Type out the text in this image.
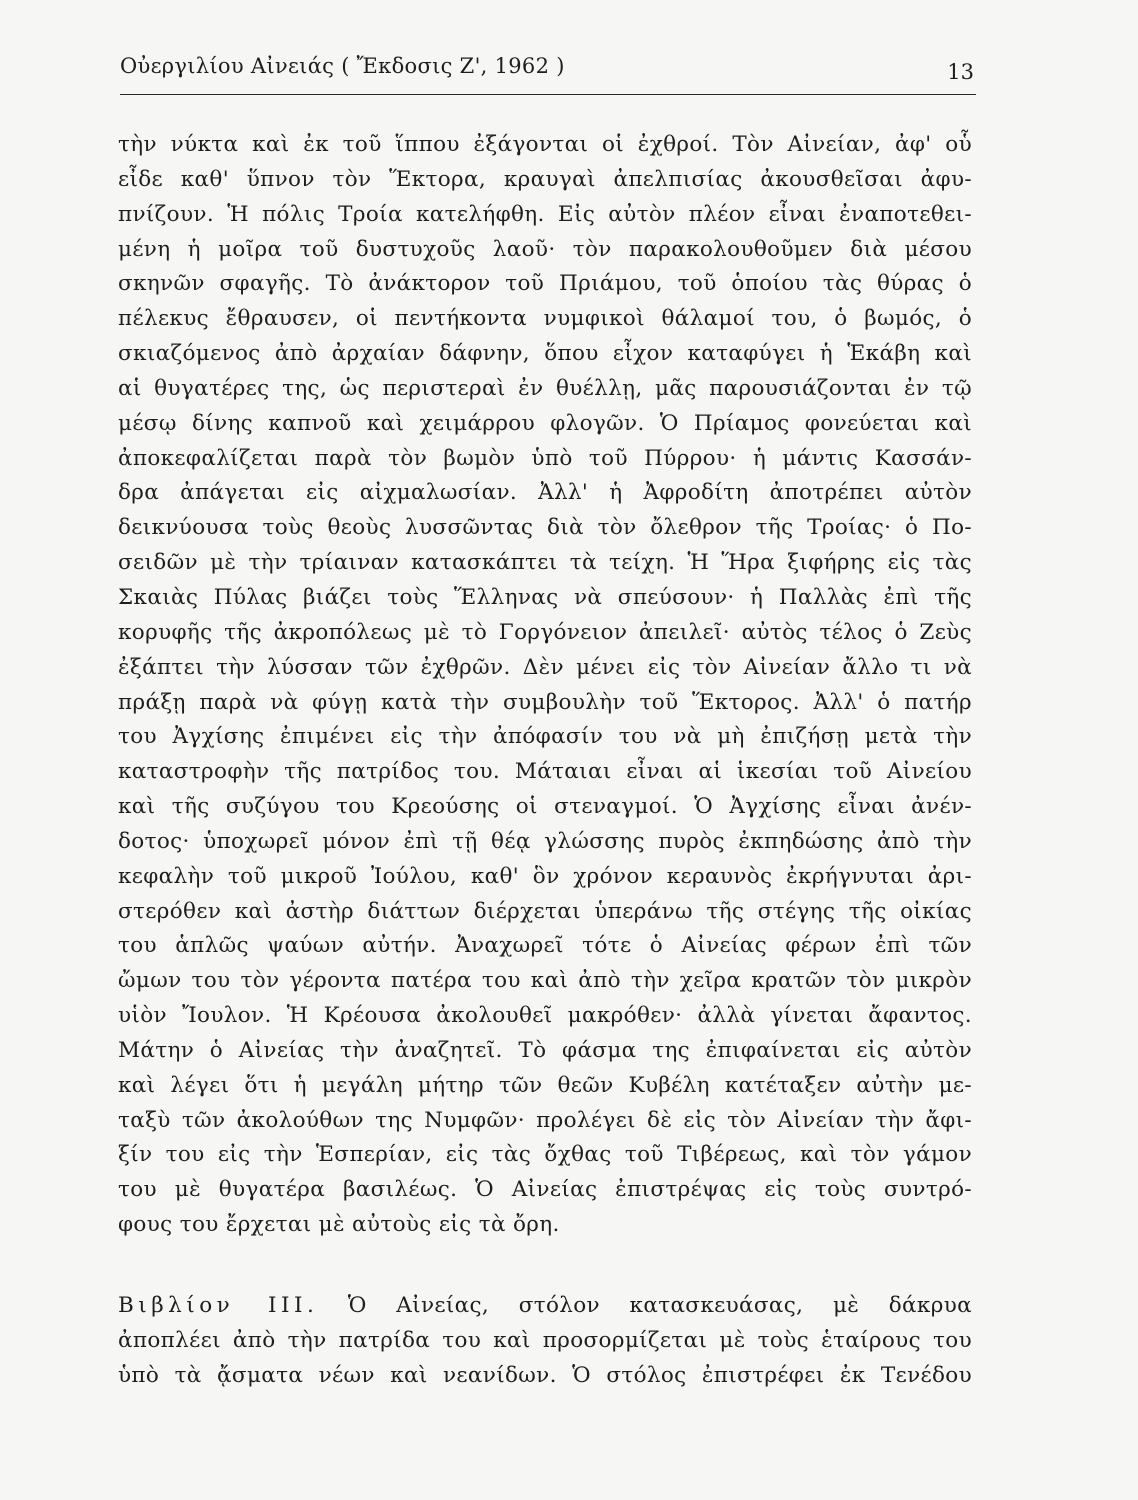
Οὐεργιλίου Αἰνειάς ( Ἔκδοσις Ζ', 1962 )	13
τὴν νύκτα καὶ ἐκ τοῦ ἵππου ἐξάγονται οἱ ἐχθροί. Τὸν Αἰνείαν, ἀφ' οὗ
εἶδε καθ' ὕπνον τὸν Ἕκτορα, κραυγαὶ ἀπελπισίας ἀκουσθεῖσαι ἀφυ-
πνίζουν. Ἡ πόλις Τροία κατελήφθη. Εἰς αὐτὸν πλέον εἶναι ἐναποτεθει-
μένη ἡ μοῖρα τοῦ δυστυχοῦς λαοῦ· τὸν παρακολουθοῦμεν διὰ μέσου
σκηνῶν σφαγῆς. Τὸ ἀνάκτορον τοῦ Πριάμου, τοῦ ὁποίου τὰς θύρας ὁ
πέλεκυς ἔθραυσεν, οἱ πεντήκοντα νυμφικοὶ θάλαμοί του, ὁ βωμός, ὁ
σκιαζόμενος ἀπὸ ἀρχαίαν δάφνην, ὅπου εἶχον καταφύγει ἡ Ἑκάβη καὶ
αἱ θυγατέρες της, ὡς περιστεραὶ ἐν θυέλλῃ, μᾶς παρουσιάζονται ἐν τῷ
μέσῳ δίνης καπνοῦ καὶ χειμάρρου φλογῶν. Ὁ Πρίαμος φονεύεται καὶ
ἀποκεφαλίζεται παρὰ τὸν βωμὸν ὑπὸ τοῦ Πύρρου· ἡ μάντις Κασσάν-
δρα ἀπάγεται εἰς αἰχμαλωσίαν. Ἀλλ' ἡ Ἀφροδίτη ἀποτρέπει αὐτὸν
δεικνύουσα τοὺς θεοὺς λυσσῶντας διὰ τὸν ὄλεθρον τῆς Τροίας· ὁ Πο-
σειδῶν μὲ τὴν τρίαιναν κατασκάπτει τὰ τείχη. Ἡ Ἥρα ξιφήρης εἰς τὰς
Σκαιὰς Πύλας βιάζει τοὺς Ἕλληνας νὰ σπεύσουν· ἡ Παλλὰς ἐπὶ τῆς
κορυφῆς τῆς ἀκροπόλεως μὲ τὸ Γοργόνειον ἀπειλεῖ· αὐτὸς τέλος ὁ Ζεὺς
ἐξάπτει τὴν λύσσαν τῶν ἐχθρῶν. Δὲν μένει εἰς τὸν Αἰνείαν ἄλλο τι νὰ
πράξῃ παρὰ νὰ φύγῃ κατὰ τὴν συμβουλὴν τοῦ Ἕκτορος. Ἀλλ' ὁ πατήρ
του Ἀγχίσης ἐπιμένει εἰς τὴν ἀπόφασίν του νὰ μὴ ἐπιζήσῃ μετὰ τὴν
καταστροφὴν τῆς πατρίδος του. Μάταιαι εἶναι αἱ ἱκεσίαι τοῦ Αἰνείου
καὶ τῆς συζύγου του Κρεούσης οἱ στεναγμοί. Ὁ Ἀγχίσης εἶναι ἀνέν-
δοτος· ὑποχωρεῖ μόνον ἐπὶ τῇ θέᾳ γλώσσης πυρὸς ἐκπηδώσης ἀπὸ τὴν
κεφαλὴν τοῦ μικροῦ Ἰούλου, καθ' ὃν χρόνον κεραυνὸς ἐκρήγνυται ἀρι-
στερόθεν καὶ ἀστὴρ διάττων διέρχεται ὑπεράνω τῆς στέγης τῆς οἰκίας
του ἁπλῶς ψαύων αὐτήν. Ἀναχωρεῖ τότε ὁ Αἰνείας φέρων ἐπὶ τῶν
ὤμων του τὸν γέροντα πατέρα του καὶ ἀπὸ τὴν χεῖρα κρατῶν τὸν μικρὸν
υἱὸν Ἴουλον. Ἡ Κρέουσα ἀκολουθεῖ μακρόθεν· ἀλλὰ γίνεται ἄφαντος.
Μάτην ὁ Αἰνείας τὴν ἀναζητεῖ. Τὸ φάσμα της ἐπιφαίνεται εἰς αὐτὸν
καὶ λέγει ὅτι ἡ μεγάλη μήτηρ τῶν θεῶν Κυβέλη κατέταξεν αὐτὴν με-
ταξὺ τῶν ἀκολούθων της Νυμφῶν· προλέγει δὲ εἰς τὸν Αἰνείαν τὴν ἄφι-
ξίν του εἰς τὴν Ἑσπερίαν, εἰς τὰς ὄχθας τοῦ Τιβέρεως, καὶ τὸν γάμον
του μὲ θυγατέρα βασιλέως. Ὁ Αἰνείας ἐπιστρέψας εἰς τοὺς συντρό-
φους του ἔρχεται μὲ αὐτοὺς εἰς τὰ ὄρη.
Βιβλίον III. Ὁ Αἰνείας, στόλον κατασκευάσας, μὲ δάκρυα
ἀποπλέει ἀπὸ τὴν πατρίδα του καὶ προσορμίζεται μὲ τοὺς ἑταίρους του
ὑπὸ τὰ ᾄσματα νέων καὶ νεανίδων. Ὁ στόλος ἐπιστρέφει ἐκ Τενέδου
